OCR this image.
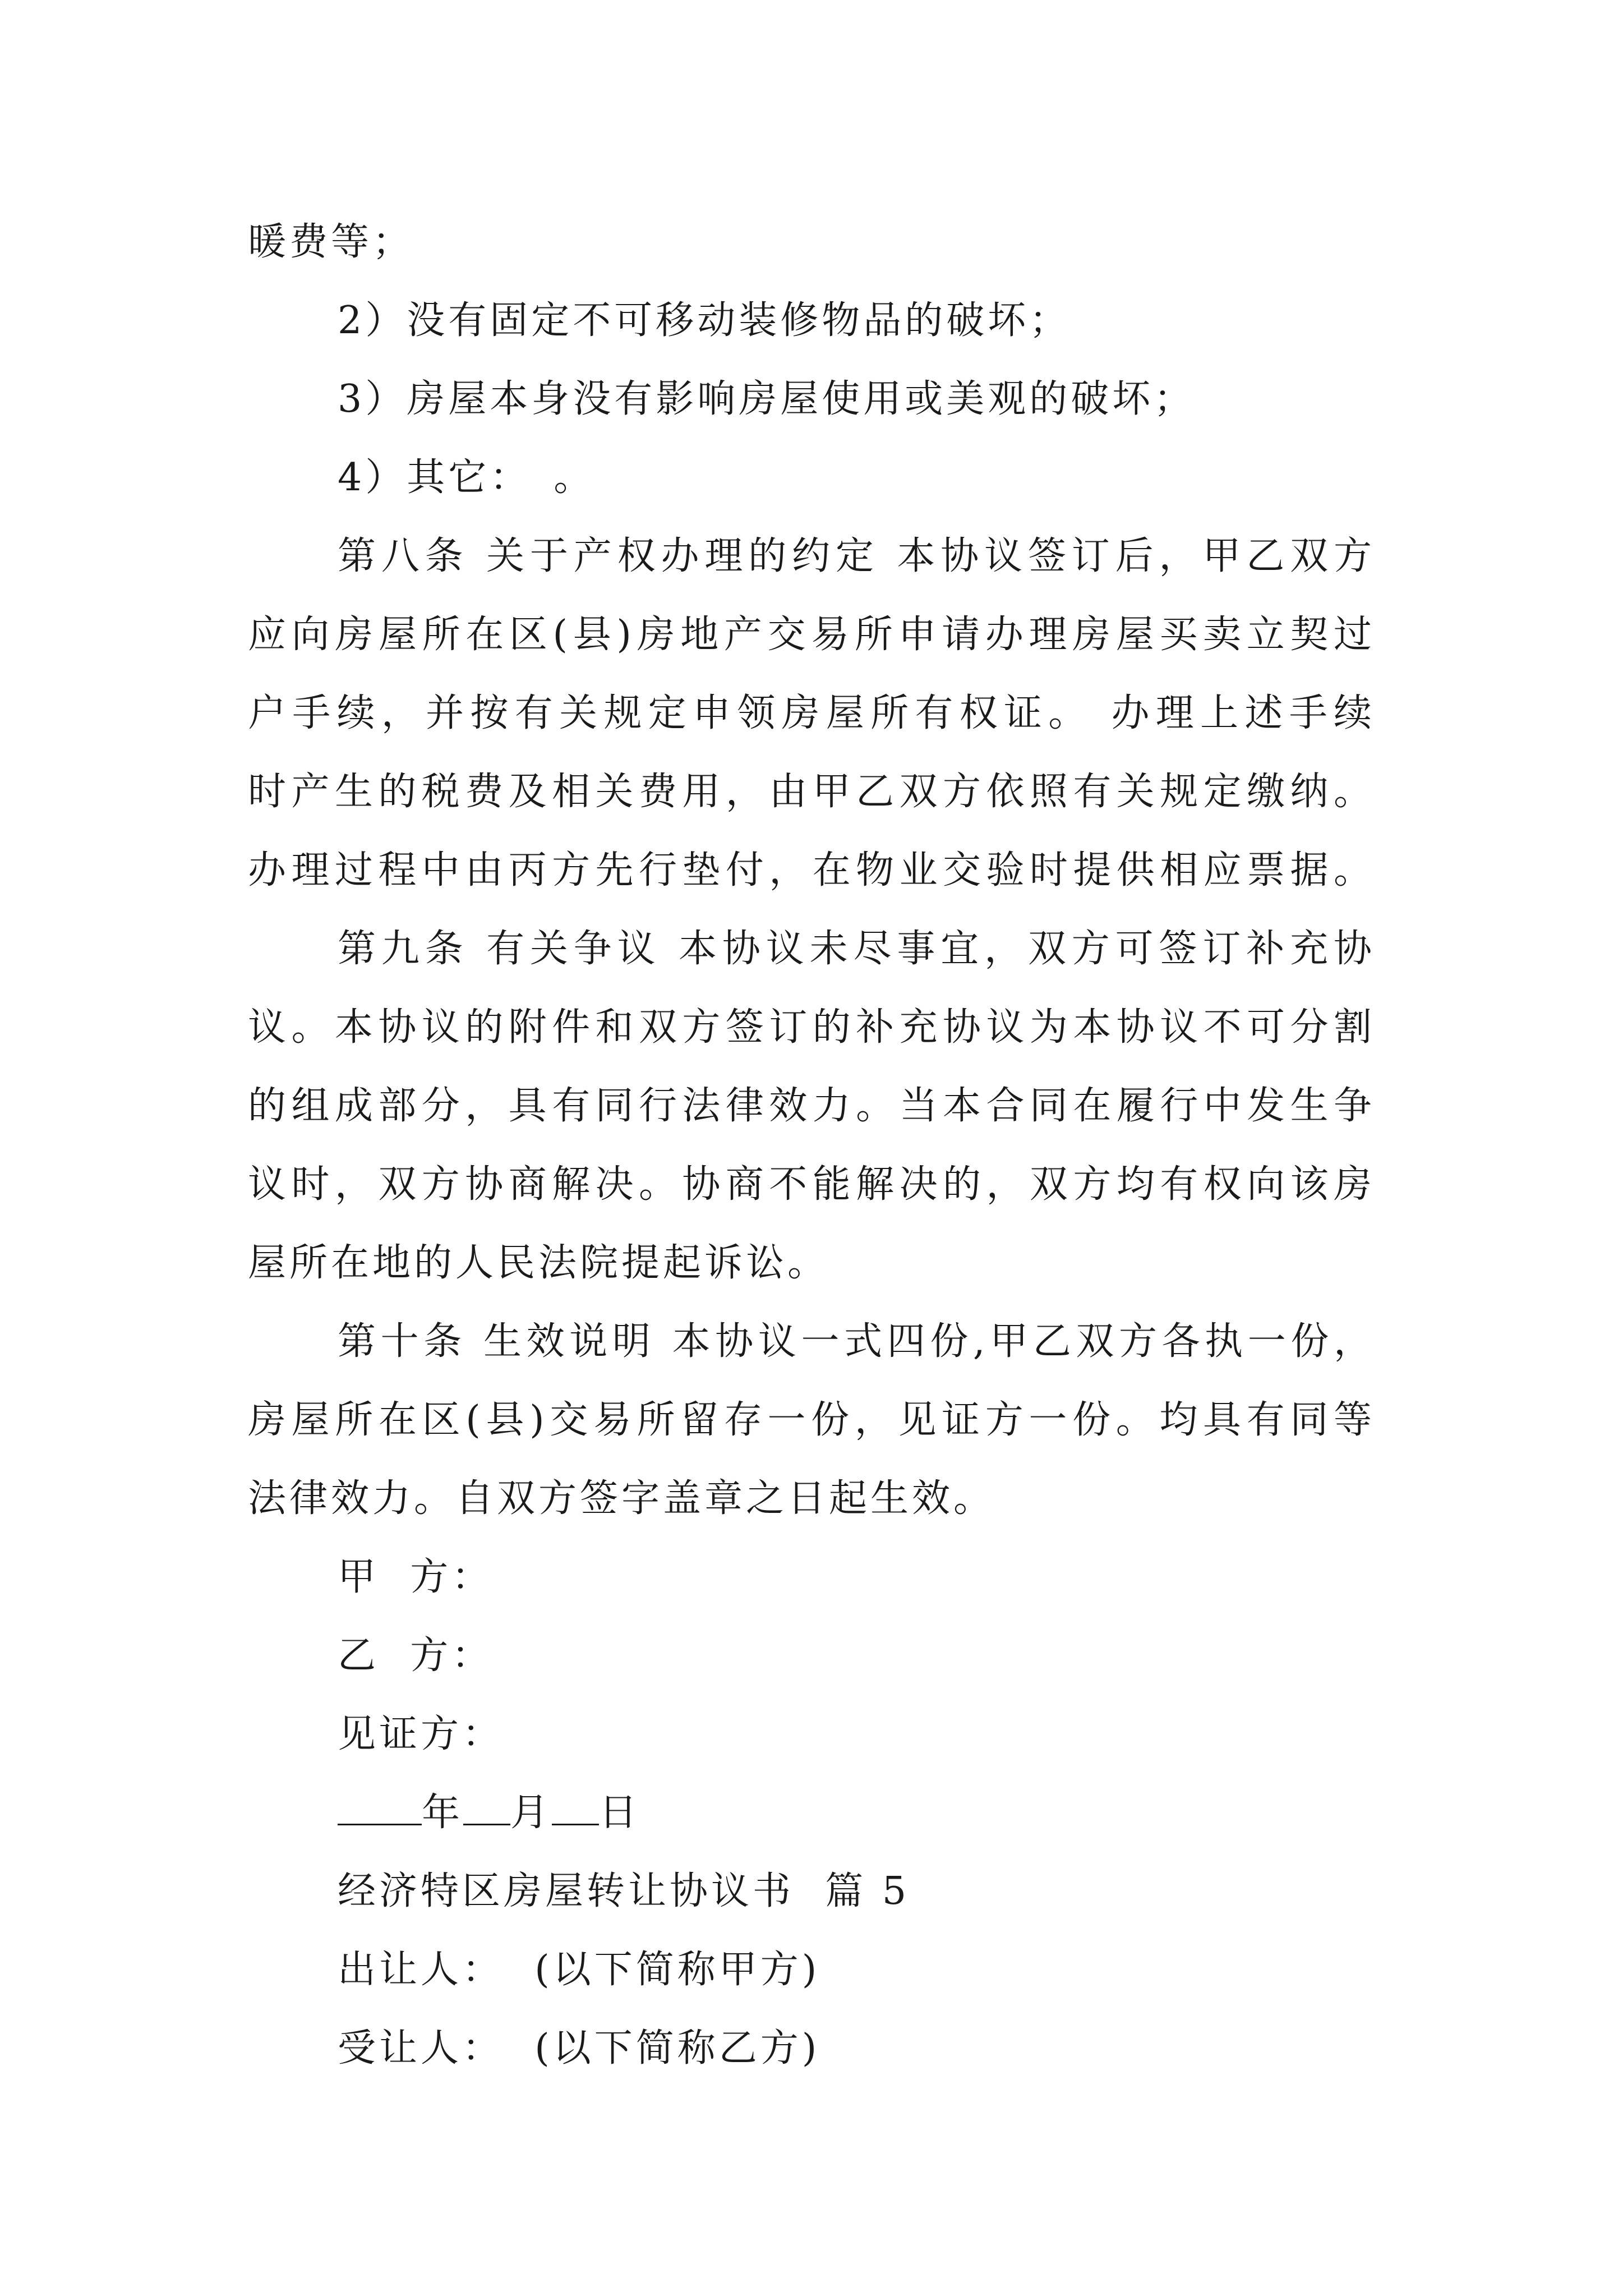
暖费等；

2）没有固定不可移动装修物品的破坏；

3）房屋本身没有影响房屋使用或美观的破坏；

4）其它：　。

第八条 关于产权办理的约定 本协议签订后，甲乙双方

应向房屋所在区(县)房地产交易所申请办理房屋买卖立契过

户手续，并按有关规定申领房屋所有权证。 办理上述手续

时产生的税费及相关费用，由甲乙双方依照有关规定缴纳。

办理过程中由丙方先行垫付，在物业交验时提供相应票据。

第九条 有关争议 本协议未尽事宜，双方可签订补充协

议。本协议的附件和双方签订的补充协议为本协议不可分割

的组成部分，具有同行法律效力。当本合同在履行中发生争

议时，双方协商解决。协商不能解决的，双方均有权向该房

屋所在地的人民法院提起诉讼。

第十条 生效说明 本协议一式四份,甲乙双方各执一份，

房屋所在区(县)交易所留存一份，见证方一份。均具有同等

法律效力。自双方签字盖章之日起生效。

甲  方：

乙  方：

见证方：

年 月 日

经济特区房屋转让协议书  篇 5

出让人：  (以下简称甲方)

受让人：  (以下简称乙方)
